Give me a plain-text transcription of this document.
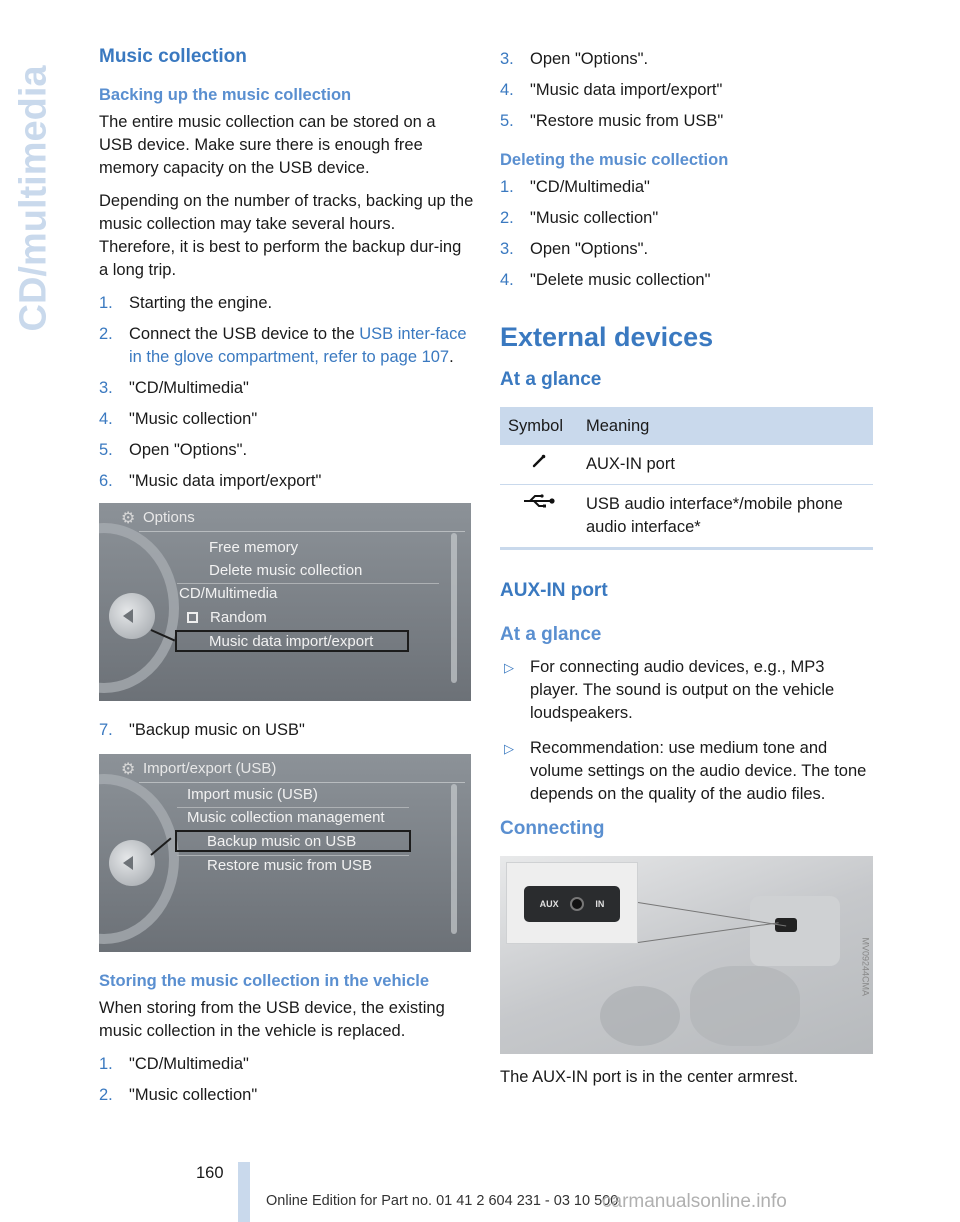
CD/multimedia
Music collection
Backing up the music collection

The entire music collection can be stored on a USB device. Make sure there is enough free memory capacity on the USB device.

Depending on the number of tracks, backing up the music collection may take several hours. Therefore, it is best to perform the backup dur-ing a long trip.

1. Starting the engine.
2. Connect the USB device to the USB inter-face in the glove compartment, refer to page 107.
3. "CD/Multimedia"
4. "Music collection"
5. Open "Options".
6. "Music data import/export"
⚙ Options
Free memory
Delete music collection
CD/Multimedia
Random
Music data import/export
7. "Backup music on USB"
⚙ Import/export (USB)
Import music (USB)
Music collection management
Backup music on USB
Restore music from USB
Storing the music collection in the vehicle

When storing from the USB device, the existing music collection in the vehicle is replaced.

1. "CD/Multimedia"
2. "Music collection"
3. Open "Options".
4. "Music data import/export"
5. "Restore music from USB"
Deleting the music collection
1. "CD/Multimedia"
2. "Music collection"
3. Open "Options".
4. "Delete music collection"
External devices
At a glance
Symbol	Meaning
	AUX-IN port
	USB audio interface*/mobile phone audio interface*
AUX-IN port
At a glance
▷ For connecting audio devices, e.g., MP3 player. The sound is output on the vehicle loudspeakers.
▷ Recommendation: use medium tone and volume settings on the audio device. The tone depends on the quality of the audio files.
Connecting
AUX	IN
MV09244CMA
The AUX-IN port is in the center armrest.
160
Online Edition for Part no. 01 41 2 604 231 - 03 10 500
carmanualsonline.info
